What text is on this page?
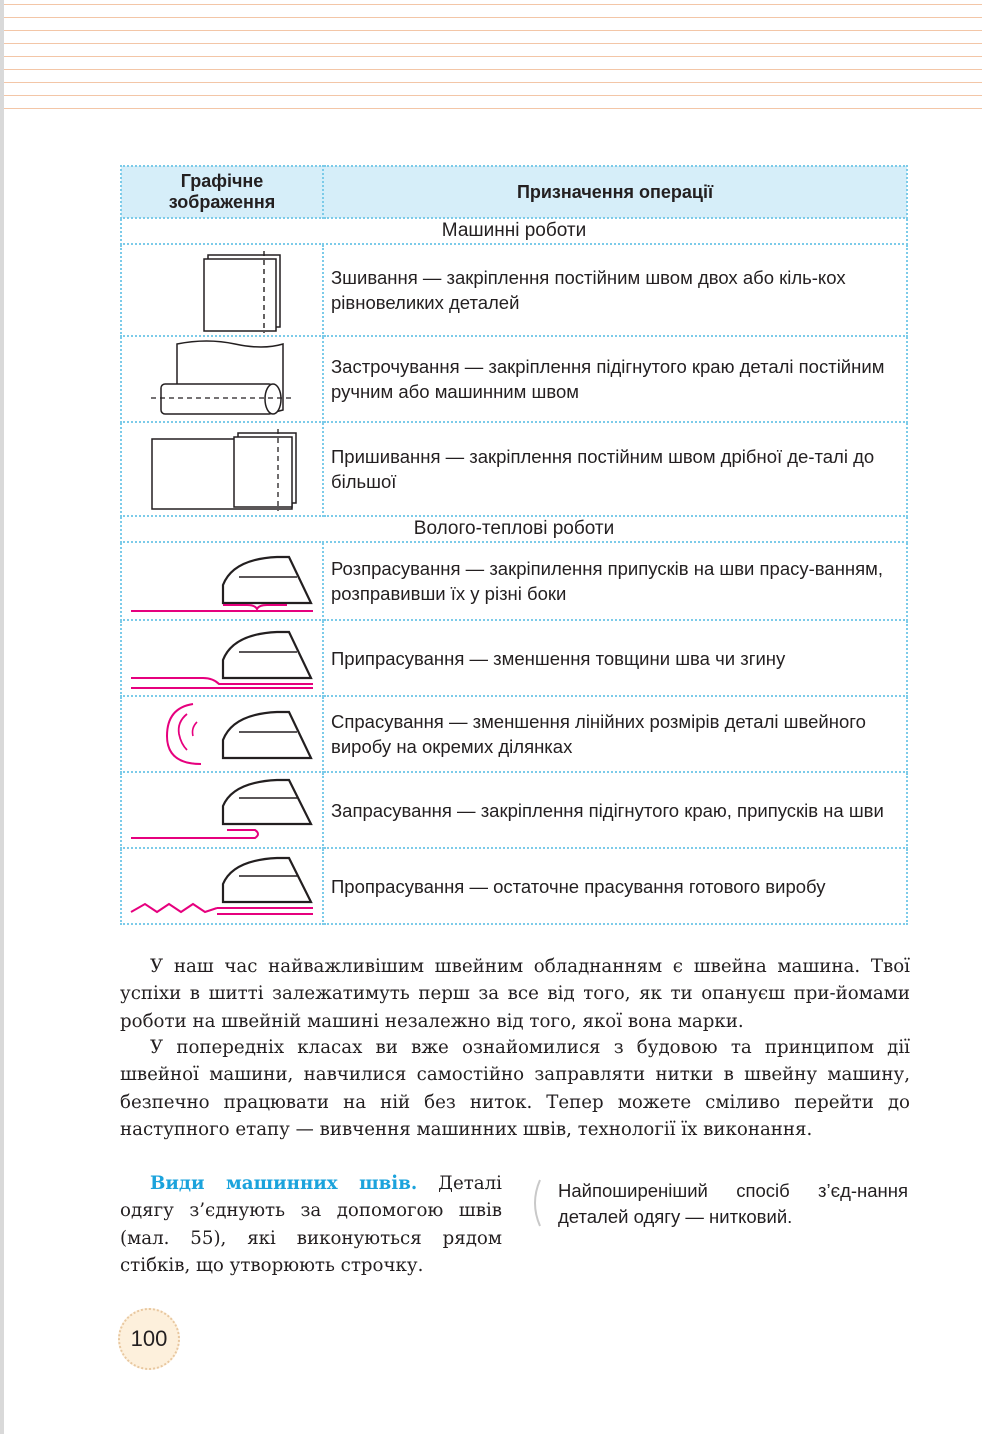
Графічне зображення	Призначення операції
Машинні роботи	

	Зшивання — закріплення постійним швом двох або кіль-кох рівновеликих деталей

	Застрочування — закріплення підігнутого краю деталі постійним ручним або машинним швом

	Пришивання — закріплення постійним швом дрібної де-талі до більшої
Волого-теплові роботи	

	Розпрасування — закріпилення припусків на шви прасу-ванням, розправивши їх у різні боки

	Припрасування — зменшення товщини шва чи згину

	Спрасування — зменшення лінійних розмірів деталі швейного виробу на окремих ділянках

	Запрасування — закріплення підігнутого краю, припусків на шви

	Пропрасування — остаточне прасування готового виробу

У наш час найважливішим швейним обладнанням є швейна машина. Твої успіхи в шитті залежатимуть перш за все від того, як ти опануєш при-йомами роботи на швейній машині незалежно від того, якої вона марки.

У попередніх класах ви вже ознайомилися з будовою та принципом дії швейної машини, навчилися самостійно заправляти нитки в швейну машину, безпечно працювати на ній без ниток. Тепер можете сміливо перейти до наступного етапу — вивчення машинних швів, технології їх виконання.

Види машинних швів. Деталі одягу з’єднують за допомогою швів (мал. 55), які виконуються рядом стібків, що утворюють строчку.

Найпоширеніший спосіб з’єд-нання деталей одягу — нитковий.

100
